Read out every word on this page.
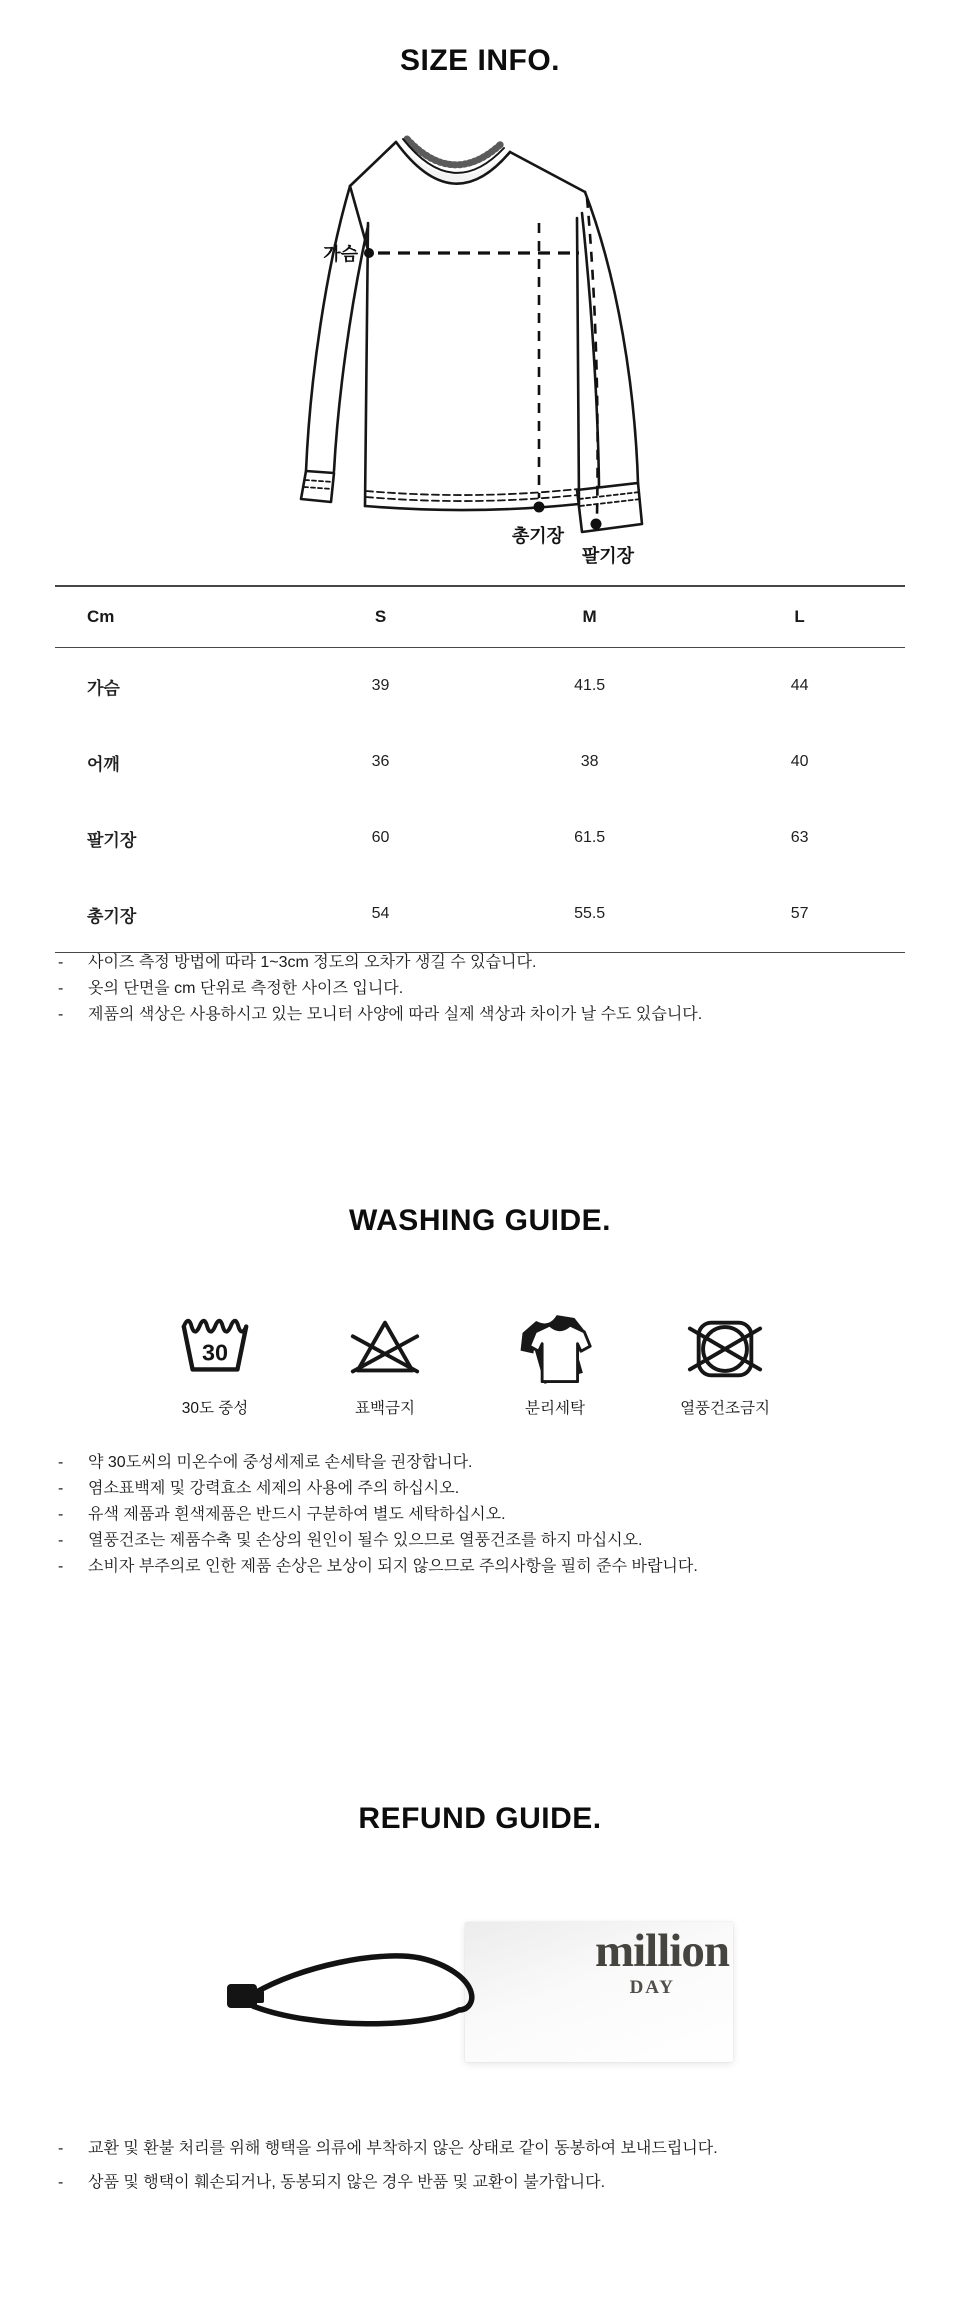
SIZE INFO.
가슴
총기장
팔기장
Cm	S	M	L
가슴	39	41.5	44
어깨	36	38	40
팔기장	60	61.5	63
총기장	54	55.5	57
-	사이즈 측정 방법에 따라 1~3cm 정도의 오차가 생길 수 있습니다.
-	옷의 단면을 cm 단위로 측정한 사이즈 입니다.
-	제품의 색상은 사용하시고 있는 모니터 사양에 따라 실제 색상과 차이가 날 수도 있습니다.
WASHING GUIDE.
30
30도 중성	표백금지	분리세탁	열풍건조금지
-	약 30도씨의 미온수에 중성세제로 손세탁을 권장합니다.
-	염소표백제 및 강력효소 세제의 사용에 주의 하십시오.
-	유색 제품과 흰색제품은 반드시 구분하여 별도 세탁하십시오.
-	열풍건조는 제품수축 및 손상의 원인이 될수 있으므로 열풍건조를 하지 마십시오.
-	소비자 부주의로 인한 제품 손상은 보상이 되지 않으므로 주의사항을 필히 준수 바랍니다.
REFUND GUIDE.
million
DAY
-	교환 및 환불 처리를 위해 행택을 의류에 부착하지 않은 상태로 같이 동봉하여 보내드립니다.
-	상품 및 행택이 훼손되거나, 동봉되지 않은 경우 반품 및 교환이 불가합니다.
